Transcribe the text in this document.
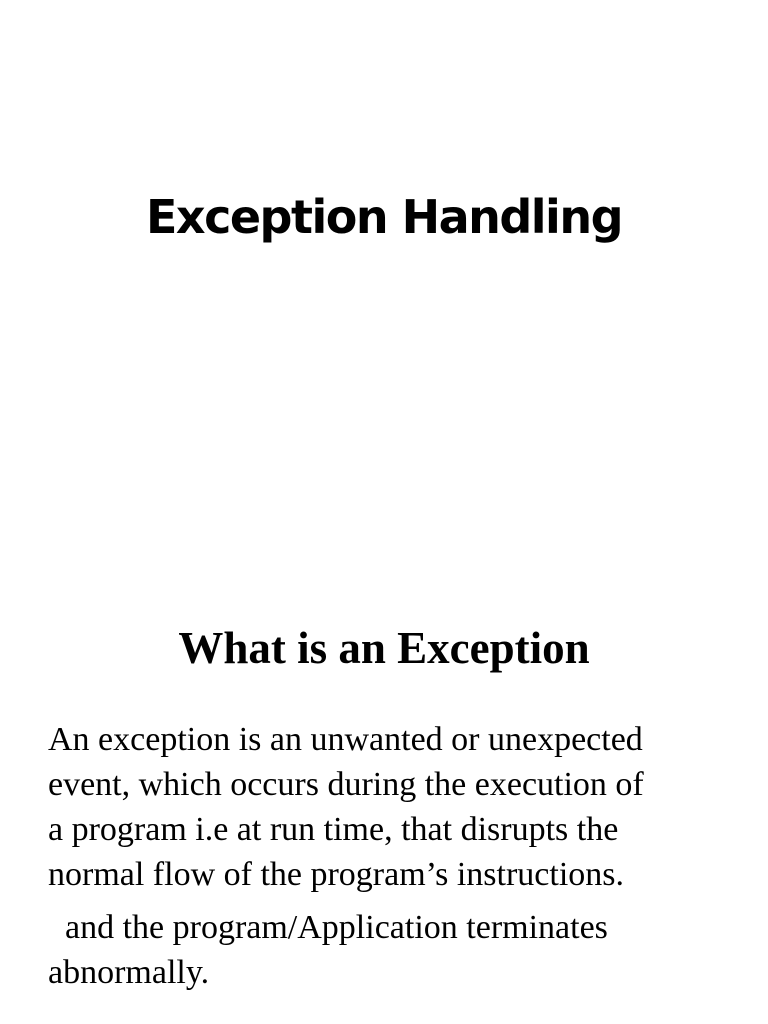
Exception Handling
What is an Exception

An exception is an unwanted or unexpected
event, which occurs during the execution of
a program i.e at run time, that disrupts the
normal flow of the program’s instructions.

and the program/Application terminates
abnormally.
